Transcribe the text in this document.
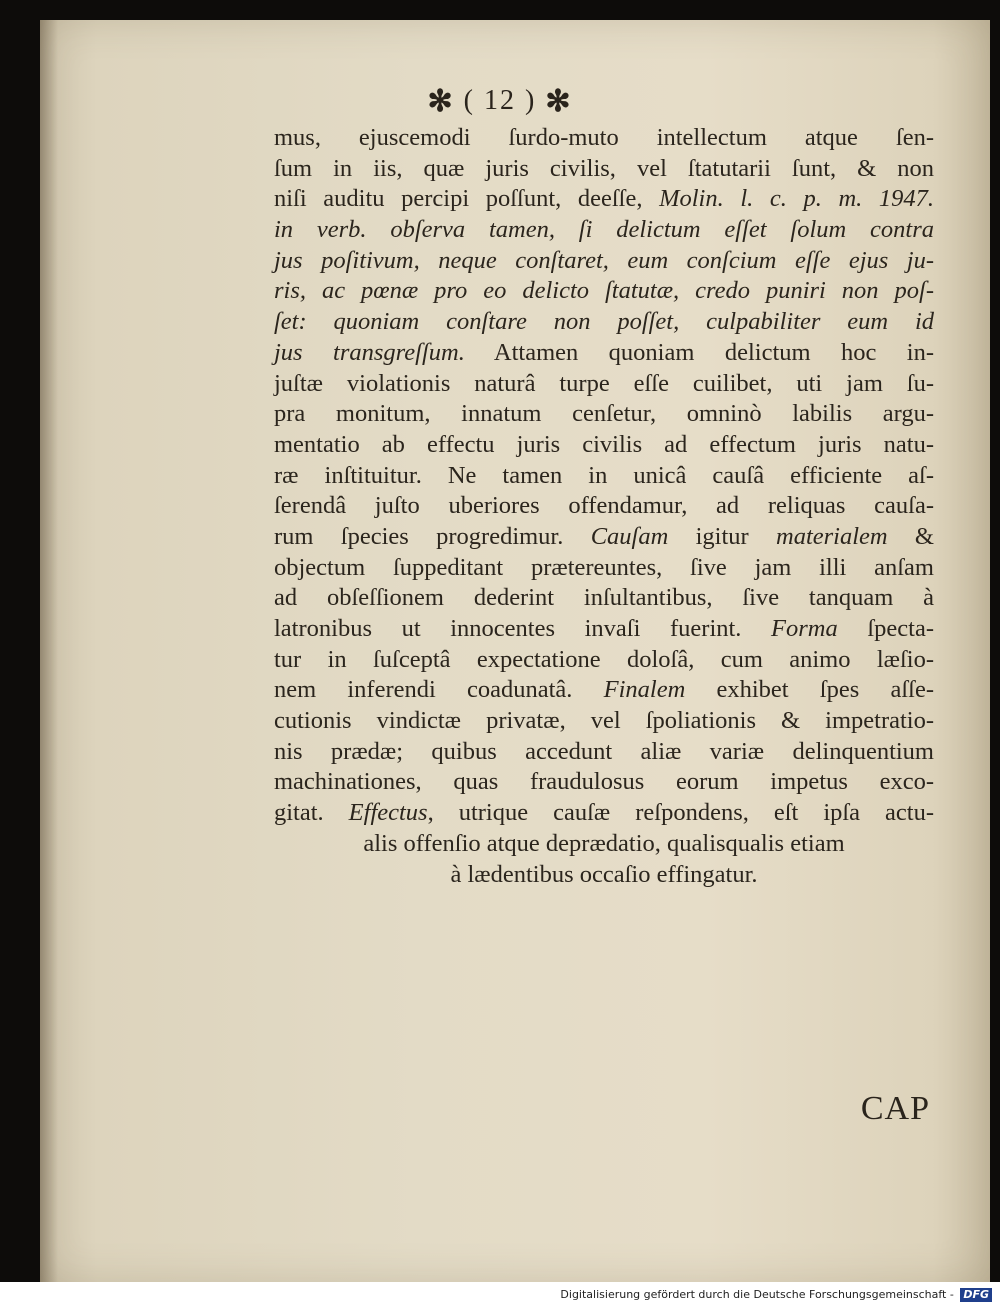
✻ ( 12 ) ✻
mus, ejuscemodi ſurdo-muto intellectum atque ſen-
ſum in iis, quæ juris civilis, vel ſtatutarii ſunt, & non
niſi auditu percipi poſſunt, deeſſe, Molin. l. c. p. m. 1947.
in verb. obſerva tamen, ſi delictum eſſet ſolum contra
jus poſitivum, neque conſtaret, eum conſcium eſſe ejus ju-
ris, ac pœnæ pro eo delicto ſtatutæ, credo puniri non poſ-
ſet: quoniam conſtare non poſſet, culpabiliter eum id
jus transgreſſum. Attamen quoniam delictum hoc in-
juſtæ violationis naturâ turpe eſſe cuilibet, uti jam ſu-
pra monitum, innatum cenſetur, omninò labilis argu-
mentatio ab effectu juris civilis ad effectum juris natu-
ræ inſtituitur. Ne tamen in unicâ cauſâ efficiente aſ-
ſerendâ juſto uberiores offendamur, ad reliquas cauſa-
rum ſpecies progredimur. Cauſam igitur materialem &
objectum ſuppeditant prætereuntes, ſive jam illi anſam
ad obſeſſionem dederint inſultantibus, ſive tanquam à
latronibus ut innocentes invaſi fuerint. Forma ſpecta-
tur in ſuſceptâ expectatione doloſâ, cum animo læſio-
nem inferendi coadunatâ. Finalem exhibet ſpes aſſe-
cutionis vindictæ privatæ, vel ſpoliationis & impetratio-
nis prædæ; quibus accedunt aliæ variæ delinquentium
machinationes, quas fraudulosus eorum impetus exco-
gitat. Effectus, utrique cauſæ reſpondens, eſt ipſa actu-
alis offenſio atque deprædatio, qualisqualis etiam
à lædentibus occaſio effingatur.
CAP
Digitalisierung gefördert durch die Deutsche Forschungsgemeinschaft - DFG
